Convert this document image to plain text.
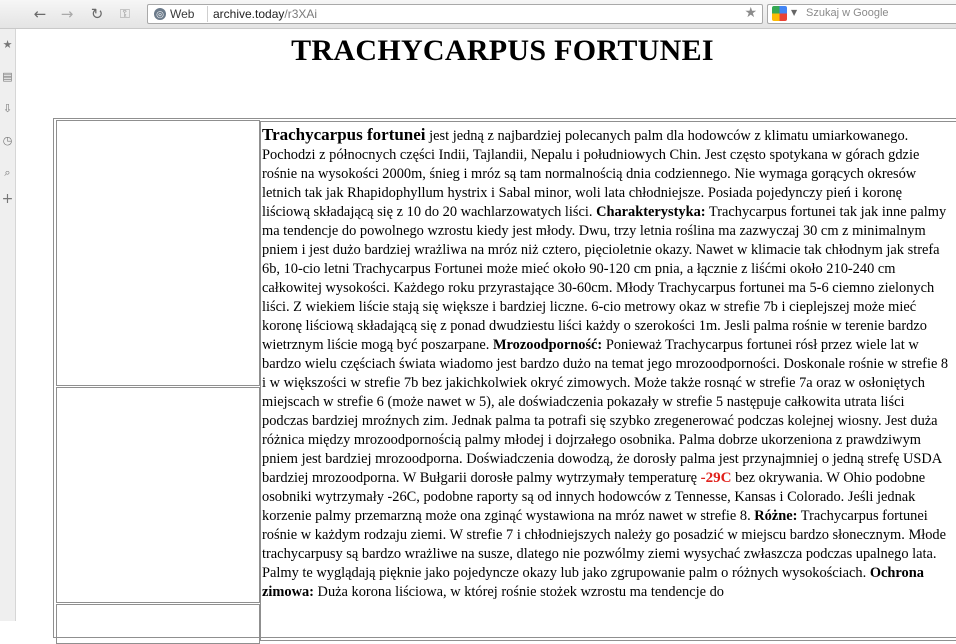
← → ↻	⚿	◎ Web archive.today/r3XAi	★	▼ Szukaj w Google
★
▤
⇩
◷
⌕
+
TRACHYCARPUS FORTUNEI

Trachycarpus fortunei jest jedną z najbardziej polecanych palm dla hodowców z klimatu umiarkowanego. Pochodzi z północnych części Indii, Tajlandii, Nepalu i południowych Chin. Jest często spotykana w górach gdzie rośnie na wysokości 2000m, śnieg i mróz są tam normalnością dnia codziennego. Nie wymaga gorących okresów letnich tak jak Rhapidophyllum hystrix i Sabal minor, woli lata chłodniejsze. Posiada pojedynczy pień i koronę liściową składającą się z 10 do 20 wachlarzowatych liści. Charakterystyka: Trachycarpus fortunei tak jak inne palmy ma tendencje do powolnego wzrostu kiedy jest młody. Dwu, trzy letnia roślina ma zazwyczaj 30 cm z minimalnym pniem i jest dużo bardziej wrażliwa na mróz niż cztero, pięcioletnie okazy. Nawet w klimacie tak chłodnym jak strefa 6b, 10-cio letni Trachycarpus Fortunei może mieć około 90-120 cm pnia, a łącznie z liśćmi około 210-240 cm całkowitej wysokości. Każdego roku przyrastające 30-60cm. Młody Trachycarpus fortunei ma 5-6 ciemno zielonych liści. Z wiekiem liście stają się większe i bardziej liczne. 6-cio metrowy okaz w strefie 7b i cieplejszej może mieć koronę liściową składającą się z ponad dwudziestu liści każdy o szerokości 1m. Jesli palma rośnie w terenie bardzo wietrznym liście mogą być poszarpane. Mrozoodporność: Ponieważ Trachycarpus fortunei rósł przez wiele lat w bardzo wielu częściach świata wiadomo jest bardzo dużo na temat jego mrozoodporności. Doskonale rośnie w strefie 8 i w większości w strefie 7b bez jakichkolwiek okryć zimowych. Może także rosnąć w strefie 7a oraz w osłoniętych miejscach w strefie 6 (może nawet w 5), ale doświadczenia pokazały w strefie 5 następuje całkowita utrata liści podczas bardziej mroźnych zim. Jednak palma ta potrafi się szybko zregenerować podczas kolejnej wiosny. Jest duża różnica między mrozoodpornością palmy młodej i dojrzałego osobnika. Palma dobrze ukorzeniona z prawdziwym pniem jest bardziej mrozoodporna. Doświadczenia dowodzą, że dorosły palma jest przynajmniej o jedną strefę USDA bardziej mrozoodporna. W Bułgarii dorosłe palmy wytrzymały temperaturę -29C bez okrywania. W Ohio podobne osobniki wytrzymały -26C, podobne raporty są od innych hodowców z Tennesse, Kansas i Colorado. Jeśli jednak korzenie palmy przemarzną może ona zginąć wystawiona na mróz nawet w strefie 8. Różne: Trachycarpus fortunei rośnie w każdym rodzaju ziemi. W strefie 7 i chłodniejszych należy go posadzić w miejscu bardzo słonecznym. Młode trachycarpusy są bardzo wrażliwe na susze, dlatego nie pozwólmy ziemi wysychać zwłaszcza podczas upalnego lata. Palmy te wyglądają pięknie jako pojedyncze okazy lub jako zgrupowanie palm o różnych wysokościach. Ochrona zimowa: Duża korona liściowa, w której rośnie stożek wzrostu ma tendencje do
